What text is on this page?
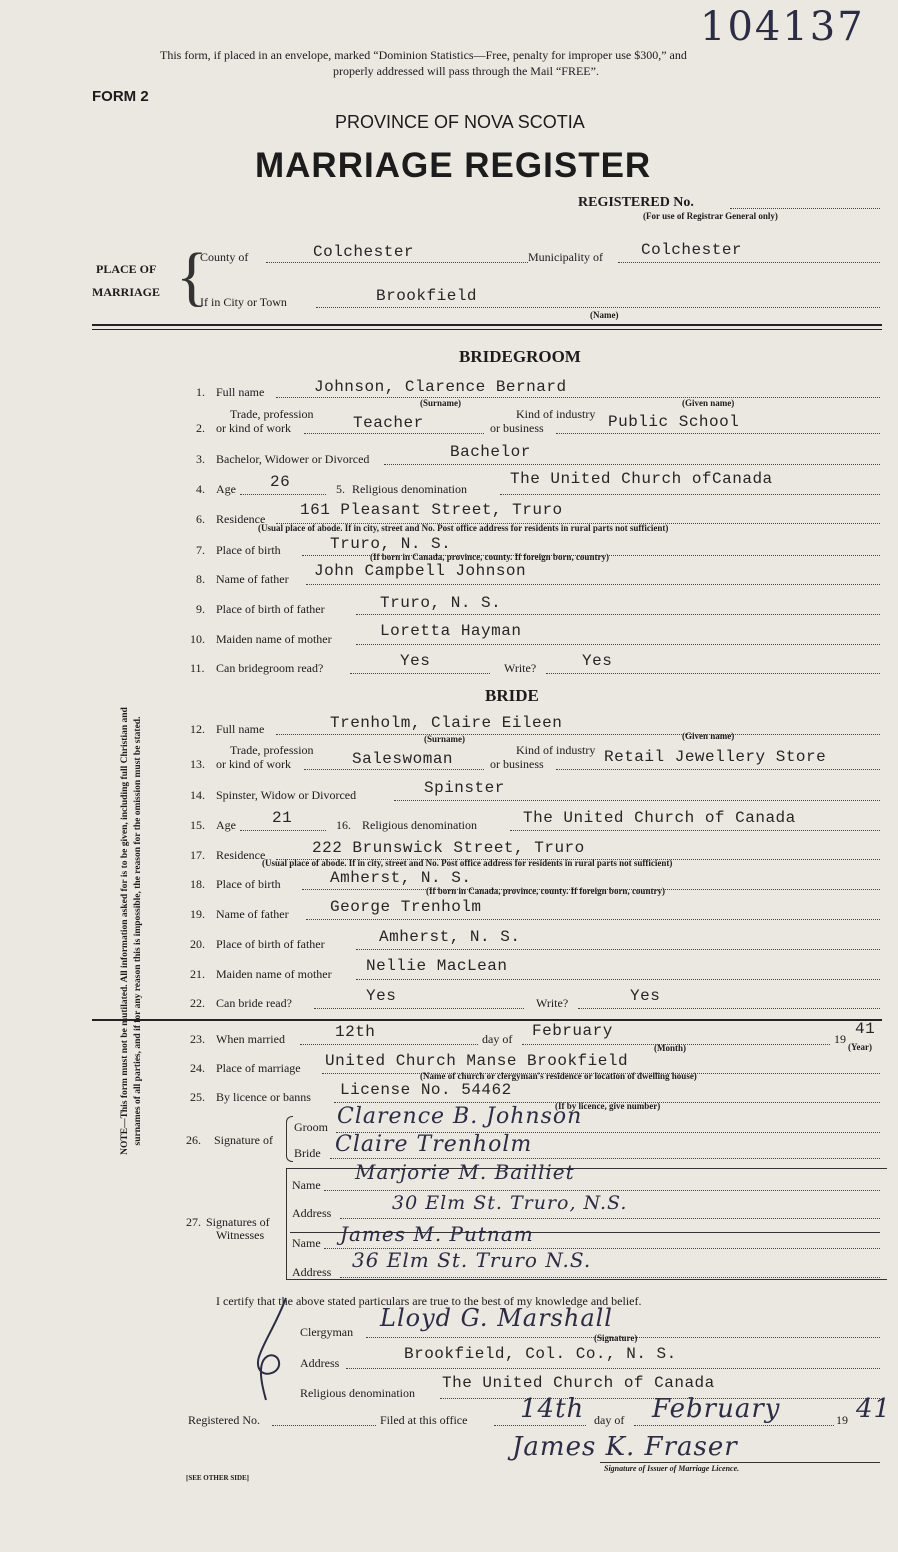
104137
This form, if placed in an envelope, marked “Dominion Statistics—Free, penalty for improper use $300,” and
properly addressed will pass through the Mail “FREE”.
FORM 2
PROVINCE OF NOVA SCOTIA
MARRIAGE REGISTER
REGISTERED No.
(For use of Registrar General only)
PLACE OF
MARRIAGE {
County of	Colchester	Municipality of Colchester
If in City or Town	Brookfield
(Name)
NOTE—This form must not be mutilated. All information asked for is to be given, including full Christian and surnames of all parties, and if for any reason this is impossible, the reason for the omission must be stated.
BRIDEGROOM
1. Full name	Johnson, Clarence Bernard
(Surname)	(Given name)
Trade, profession
2. or kind of work	Teacher	Kind of industry
or business	Public School
3. Bachelor, Widower or Divorced	Bachelor
4. Age 26	5. Religious denomination
The United Church ofCanada
6. Residence 161 Pleasant Street, Truro
(Usual place of abode. If in city, street and No. Post office address for residents in rural parts not sufficient)
7. Place of birth	Truro, N. S.
(If born in Canada, province, county. If foreign born, country)
8. Name of father John Campbell Johnson
9. Place of birth of father	Truro, N. S.
10. Maiden name of mother	Loretta Hayman
11. Can bridegroom read?	Yes	Write?	Yes
BRIDE
12. Full name	Trenholm, Claire Eileen
(Surname)	(Given name)
Trade, profession
13. or kind of work	Saleswoman	Kind of industry
or business	Retail Jewellery Store
14. Spinster, Widow or Divorced	Spinster
15. Age 21	16. Religious denomination	The United Church of Canada
17. Residence	222 Brunswick Street, Truro
(Usual place of abode. If in city, street and No. Post office address for residents in rural parts not sufficient)
18. Place of birth	Amherst, N. S.
(If born in Canada, province, county. If foreign born, country)
19. Name of father	George Trenholm
20. Place of birth of father	Amherst, N. S.
21. Maiden name of mother Nellie MacLean
22. Can bride read?	Yes	Write?	Yes
23. When married	12th	day of February
(Month)
19
41
(Year)
24. Place of marriage United Church Manse Brookfield
(Name of church or clergyman's residence or location of dwelling house)
25. By licence or banns License No. 54462
(If by licence, give number)
26. Signature of
Groom Clarence B. Johnson
Bride Claire Trenholm
27. Signatures of
Witnesses
Name
Marjorie M. Bailliet
Address	30 Elm St. Truro, N.S.
Name James M. Putnam
Address 36 Elm St. Truro N.S.
I certify that the above stated particulars are true to the best of my knowledge and belief.
Clergyman Lloyd G. Marshall
(Signature)
Address	Brookfield, Col. Co., N. S.
Religious denomination
The United Church of Canada
Registered No.	Filed at this office 14th day of February	19 41
James K. Fraser
Signature of Issuer of Marriage Licence.
[SEE OTHER SIDE]
